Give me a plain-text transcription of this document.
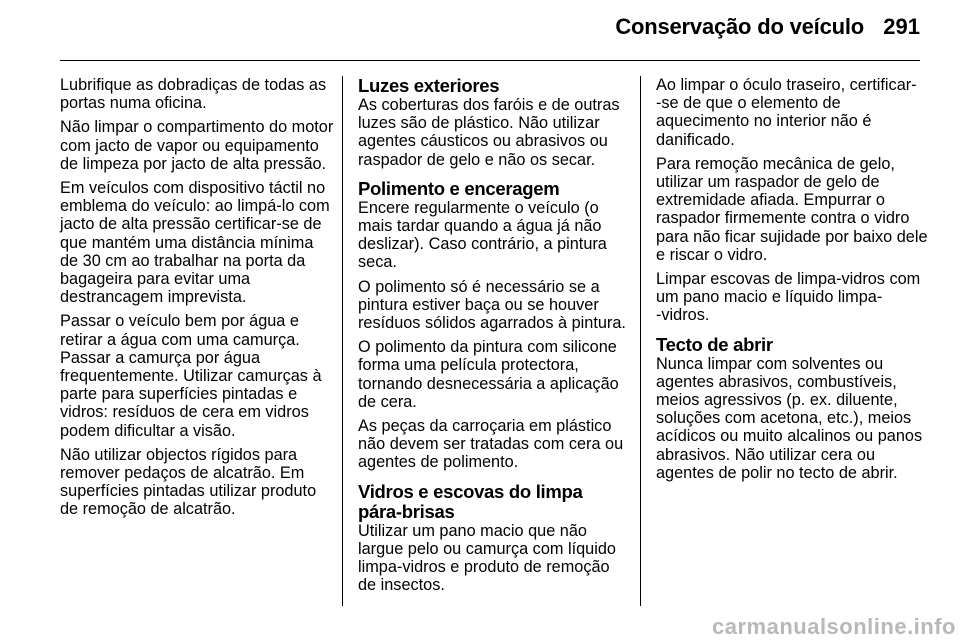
Conservação do veículo 291

Lubrifique as dobradiças de todas as
portas numa oficina.

Não limpar o compartimento do motor
com jacto de vapor ou equipamento
de limpeza por jacto de alta pressão.

Em veículos com dispositivo táctil no
emblema do veículo: ao limpá-lo com
jacto de alta pressão certificar-se de
que mantém uma distância mínima
de 30 cm ao trabalhar na porta da
bagageira para evitar uma
destrancagem imprevista.

Passar o veículo bem por água e
retirar a água com uma camurça.
Passar a camurça por água
frequentemente. Utilizar camurças à
parte para superfícies pintadas e
vidros: resíduos de cera em vidros
podem dificultar a visão.

Não utilizar objectos rígidos para
remover pedaços de alcatrão. Em
superfícies pintadas utilizar produto
de remoção de alcatrão.

Luzes exteriores

As coberturas dos faróis e de outras
luzes são de plástico. Não utilizar
agentes cáusticos ou abrasivos ou
raspador de gelo e não os secar.

Polimento e enceragem

Encere regularmente o veículo (o
mais tardar quando a água já não
deslizar). Caso contrário, a pintura
seca.

O polimento só é necessário se a
pintura estiver baça ou se houver
resíduos sólidos agarrados à pintura.

O polimento da pintura com silicone
forma uma película protectora,
tornando desnecessária a aplicação
de cera.

As peças da carroçaria em plástico
não devem ser tratadas com cera ou
agentes de polimento.

Vidros e escovas do limpa
pára-brisas

Utilizar um pano macio que não
largue pelo ou camurça com líquido
limpa-vidros e produto de remoção
de insectos.

Ao limpar o óculo traseiro, certificar-
-se de que o elemento de
aquecimento no interior não é
danificado.

Para remoção mecânica de gelo,
utilizar um raspador de gelo de
extremidade afiada. Empurrar o
raspador firmemente contra o vidro
para não ficar sujidade por baixo dele
e riscar o vidro.

Limpar escovas de limpa-vidros com
um pano macio e líquido limpa-
-vidros.

Tecto de abrir

Nunca limpar com solventes ou
agentes abrasivos, combustíveis,
meios agressivos (p. ex. diluente,
soluções com acetona, etc.), meios
acídicos ou muito alcalinos ou panos
abrasivos. Não utilizar cera ou
agentes de polir no tecto de abrir.

carmanualsonline.info
